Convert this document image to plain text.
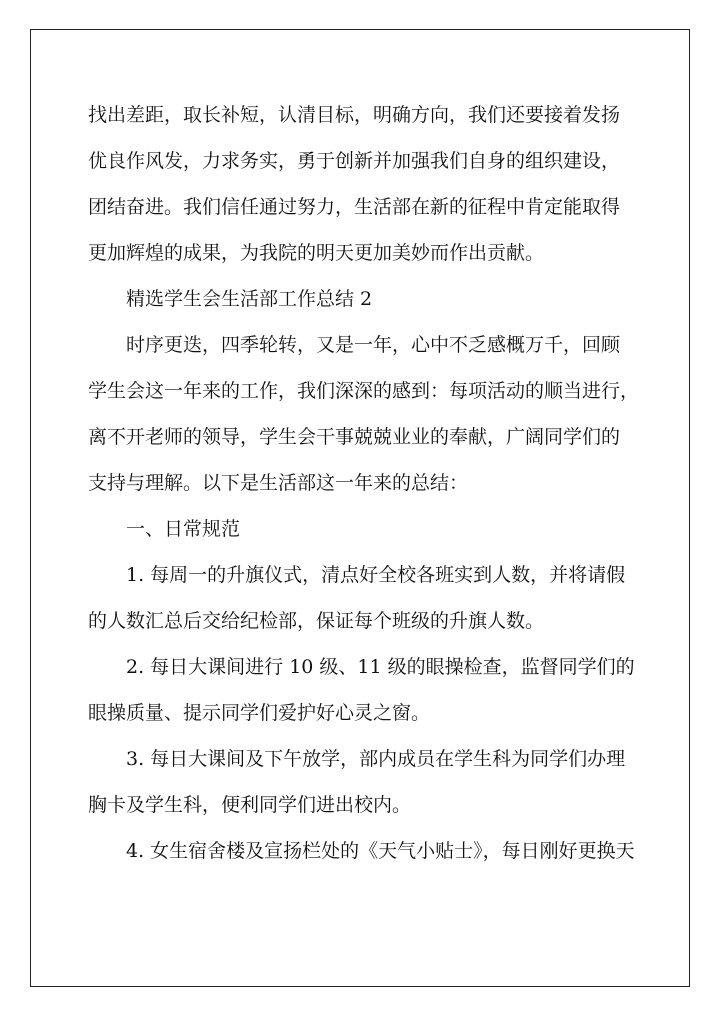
找出差距，取长补短，认清目标，明确方向，我们还要接着发扬

优良作风发，力求务实，勇于创新并加强我们自身的组织建设，

团结奋进。我们信任通过努力，生活部在新的征程中肯定能取得

更加辉煌的成果，为我院的明天更加美妙而作出贡献。

精选学生会生活部工作总结 2

时序更迭，四季轮转，又是一年，心中不乏感概万千，回顾

学生会这一年来的工作，我们深深的感到：每项活动的顺当进行，

离不开老师的领导，学生会干事兢兢业业的奉献，广阔同学们的

支持与理解。以下是生活部这一年来的总结：

一、日常规范

1. 每周一的升旗仪式，清点好全校各班实到人数，并将请假

的人数汇总后交给纪检部，保证每个班级的升旗人数。

2. 每日大课间进行 10 级、11 级的眼操检查，监督同学们的

眼操质量、提示同学们爱护好心灵之窗。

3. 每日大课间及下午放学，部内成员在学生科为同学们办理

胸卡及学生科，便利同学们进出校内。

4. 女生宿舍楼及宣扬栏处的《天气小贴士》，每日刚好更换天
